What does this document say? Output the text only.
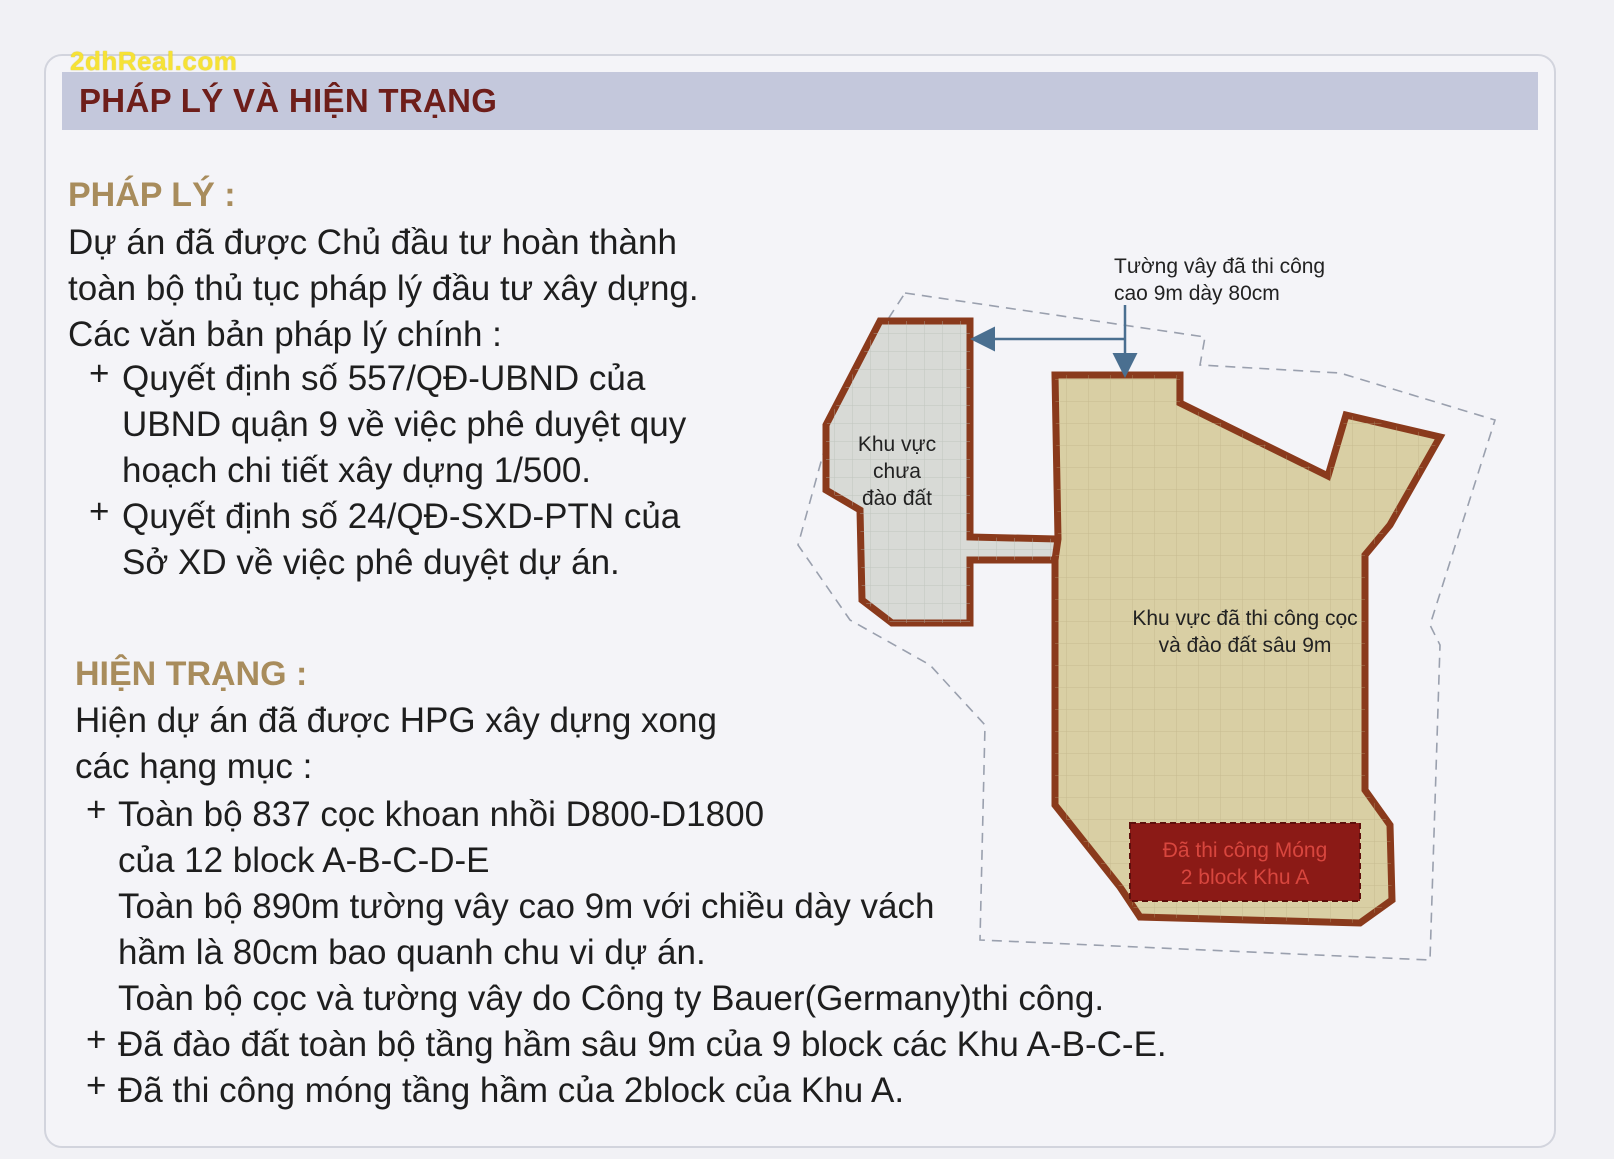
2dhReal.com
PHÁP LÝ VÀ HIỆN TRẠNG
PHÁP LÝ :
Dự án đã được Chủ đầu tư hoàn thành
toàn bộ thủ tục pháp lý đầu tư xây dựng.
Các văn bản pháp lý chính :
+ Quyết định số 557/QĐ-UBND của
UBND quận 9 về việc phê duyệt quy
hoạch chi tiết xây dựng 1/500.
+ Quyết định số 24/QĐ-SXD-PTN của
Sở XD về việc phê duyệt dự án.
HIỆN TRẠNG :
Hiện dự án đã được HPG xây dựng xong
các hạng mục :
+ Toàn bộ 837 cọc khoan nhồi D800-D1800
của 12 block A-B-C-D-E
Toàn bộ 890m tường vây cao 9m với chiều dày vách
hầm là 80cm bao quanh chu vi dự án.
Toàn bộ cọc và tường vây do Công ty Bauer(Germany)thi công.
+ Đã đào đất toàn bộ tầng hầm sâu 9m của 9 block các Khu A-B-C-E.
+ Đã thi công móng tầng hầm của 2block của Khu A.
Tường vây đã thi công
cao 9m dày 80cm
Khu vực
chưa
đào đất
Khu vực đã thi công cọc
và đào đất sâu 9m
Đã thi công Móng
2 block Khu A
